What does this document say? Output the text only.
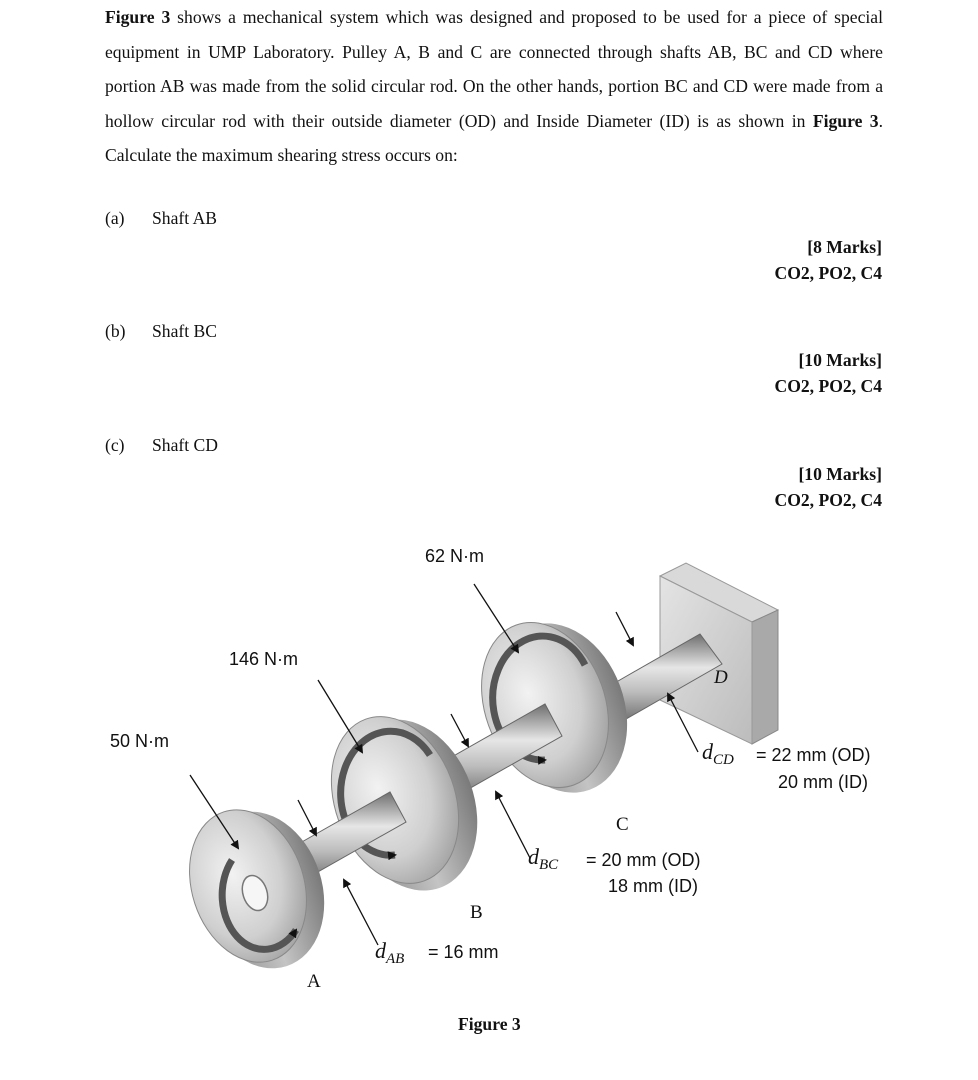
Figure 3 shows a mechanical system which was designed and proposed to be used for a piece of special equipment in UMP Laboratory. Pulley A, B and C are connected through shafts AB, BC and CD where portion AB was made from the solid circular rod. On the other hands, portion BC and CD were made from a hollow circular rod with their outside diameter (OD) and Inside Diameter (ID) is as shown in Figure 3. Calculate the maximum shearing stress occurs on:

(a) Shaft AB
[8 Marks]
CO2, PO2, C4
(b) Shaft BC
[10 Marks]
CO2, PO2, C4
(c) Shaft CD
[10 Marks]
CO2, PO2, C4
50 N·m
146 N·m
62 N·m
A
B
C
D
$d_{AB} = 16$ mm
$d_{BC} = 20$ mm (OD)
18 mm (ID)
$d_{CD} = 22$ mm (OD)
20 mm (ID)
Figure 3
